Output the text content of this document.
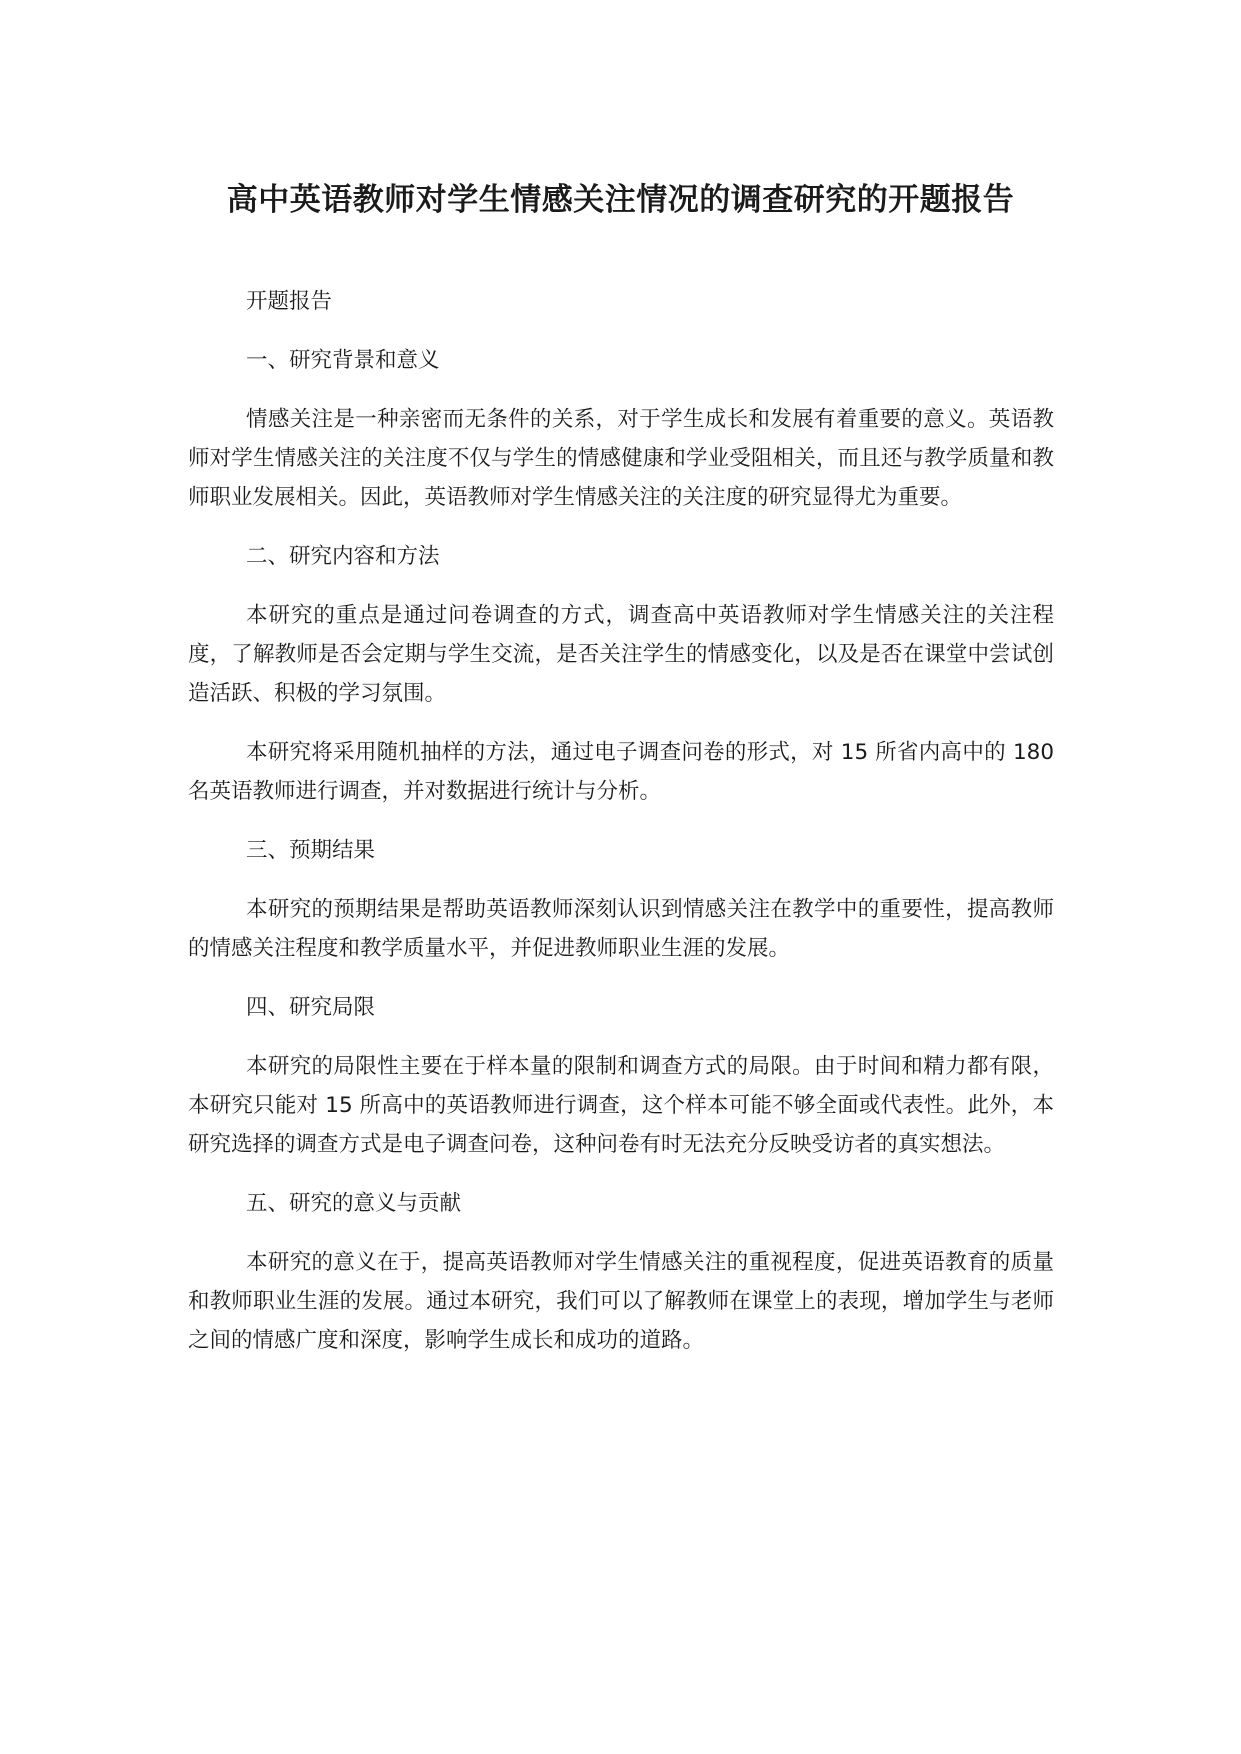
高中英语教师对学生情感关注情况的调查研究的开题报告

开题报告

一、研究背景和意义

情感关注是一种亲密而无条件的关系，对于学生成长和发展有着重要的意义。英语教师对学生情感关注的关注度不仅与学生的情感健康和学业受阻相关，而且还与教学质量和教师职业发展相关。因此，英语教师对学生情感关注的关注度的研究显得尤为重要。

二、研究内容和方法

本研究的重点是通过问卷调查的方式，调查高中英语教师对学生情感关注的关注程度，了解教师是否会定期与学生交流，是否关注学生的情感变化，以及是否在课堂中尝试创造活跃、积极的学习氛围。

本研究将采用随机抽样的方法，通过电子调查问卷的形式，对 15 所省内高中的 180 名英语教师进行调查，并对数据进行统计与分析。

三、预期结果

本研究的预期结果是帮助英语教师深刻认识到情感关注在教学中的重要性，提高教师的情感关注程度和教学质量水平，并促进教师职业生涯的发展。

四、研究局限

本研究的局限性主要在于样本量的限制和调查方式的局限。由于时间和精力都有限，本研究只能对 15 所高中的英语教师进行调查，这个样本可能不够全面或代表性。此外，本研究选择的调查方式是电子调查问卷，这种问卷有时无法充分反映受访者的真实想法。

五、研究的意义与贡献

本研究的意义在于，提高英语教师对学生情感关注的重视程度，促进英语教育的质量和教师职业生涯的发展。通过本研究，我们可以了解教师在课堂上的表现，增加学生与老师之间的情感广度和深度，影响学生成长和成功的道路。
